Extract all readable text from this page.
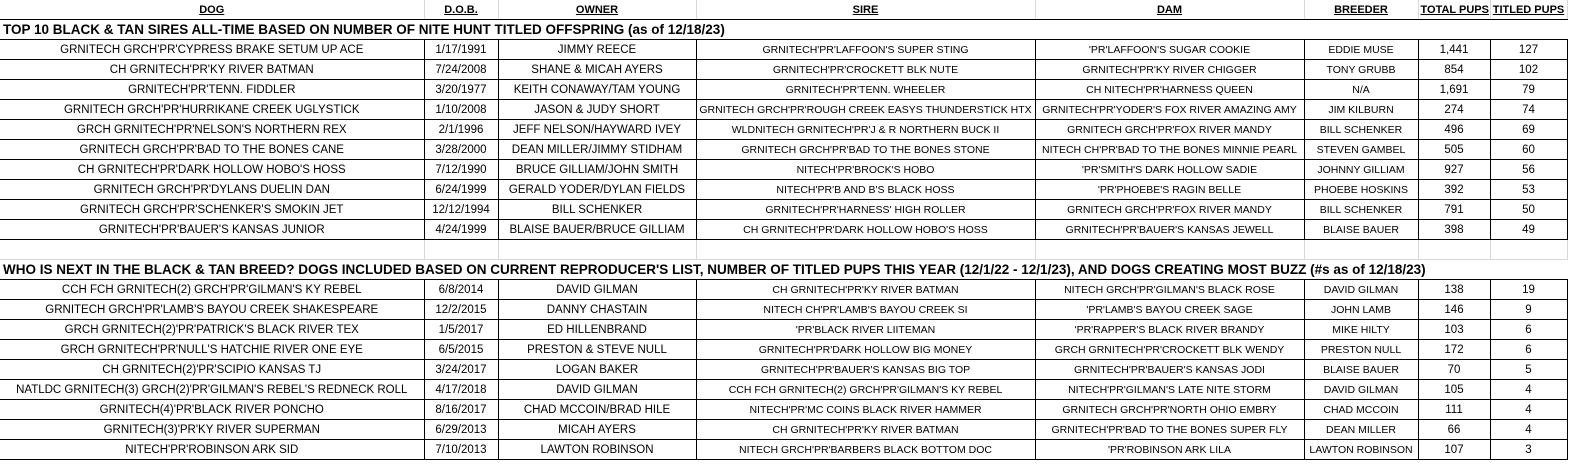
DOG	D.O.B.	OWNER	SIRE	DAM	BREEDER	TOTAL PUPS	TITLED PUPS
TOP 10 BLACK & TAN SIRES ALL-TIME BASED ON NUMBER OF NITE HUNT TITLED OFFSPRING (as of 12/18/23)							
GRNITECH GRCH'PR'CYPRESS BRAKE SETUM UP ACE	1/17/1991	JIMMY REECE	GRNITECH'PR'LAFFOON'S SUPER STING	'PR'LAFFOON'S SUGAR COOKIE	EDDIE MUSE	1,441	127
CH GRNITECH'PR'KY RIVER BATMAN	7/24/2008	SHANE & MICAH AYERS	GRNITECH'PR'CROCKETT BLK NUTE	GRNITECH'PR'KY RIVER CHIGGER	TONY GRUBB	854	102
GRNITECH'PR'TENN. FIDDLER	3/20/1977	KEITH CONAWAY/TAM YOUNG	GRNITECH'PR'TENN. WHEELER	CH NITECH'PR'HARNESS QUEEN	N/A	1,691	79
GRNITECH GRCH'PR'HURRIKANE CREEK UGLYSTICK	1/10/2008	JASON & JUDY SHORT	GRNITECH GRCH'PR'ROUGH CREEK EASYS THUNDERSTICK HTX	GRNITECH'PR'YODER'S FOX RIVER AMAZING AMY	JIM KILBURN	274	74
GRCH GRNITECH'PR'NELSON'S NORTHERN REX	2/1/1996	JEFF NELSON/HAYWARD IVEY	WLDNITECH GRNITECH'PR'J & R NORTHERN BUCK II	GRNITECH GRCH'PR'FOX RIVER MANDY	BILL SCHENKER	496	69
GRNITECH GRCH'PR'BAD TO THE BONES CANE	3/28/2000	DEAN MILLER/JIMMY STIDHAM	GRNITECH GRCH'PR'BAD TO THE BONES STONE	NITECH CH'PR'BAD TO THE BONES MINNIE PEARL	STEVEN GAMBEL	505	60
CH GRNITECH'PR'DARK HOLLOW HOBO'S HOSS	7/12/1990	BRUCE GILLIAM/JOHN SMITH	NITECH'PR'BROCK'S HOBO	'PR'SMITH'S DARK HOLLOW SADIE	JOHNNY GILLIAM	927	56
GRNITECH GRCH'PR'DYLANS DUELIN DAN	6/24/1999	GERALD YODER/DYLAN FIELDS	NITECH'PR'B AND B'S BLACK HOSS	'PR'PHOEBE'S RAGIN BELLE	PHOEBE HOSKINS	392	53
GRNITECH GRCH'PR'SCHENKER'S SMOKIN JET	12/12/1994	BILL SCHENKER	GRNITECH'PR'HARNESS' HIGH ROLLER	GRNITECH GRCH'PR'FOX RIVER MANDY	BILL SCHENKER	791	50
GRNITECH'PR'BAUER'S KANSAS JUNIOR	4/24/1999	BLAISE BAUER/BRUCE GILLIAM	CH GRNITECH'PR'DARK HOLLOW HOBO'S HOSS	GRNITECH'PR'BAUER'S KANSAS JEWELL	BLAISE BAUER	398	49

WHO IS NEXT IN THE BLACK & TAN BREED? DOGS INCLUDED BASED ON CURRENT REPRODUCER'S LIST, NUMBER OF TITLED PUPS THIS YEAR (12/1/22 - 12/1/23), AND DOGS CREATING MOST BUZZ (#s as of 12/18/23)							
CCH FCH GRNITECH(2) GRCH'PR'GILMAN'S KY REBEL	6/8/2014	DAVID GILMAN	CH GRNITECH'PR'KY RIVER BATMAN	NITECH GRCH'PR'GILMAN'S BLACK ROSE	DAVID GILMAN	138	19
GRNITECH GRCH'PR'LAMB'S BAYOU CREEK SHAKESPEARE	12/2/2015	DANNY CHASTAIN	NITECH CH'PR'LAMB'S BAYOU CREEK SI	'PR'LAMB'S BAYOU CREEK SAGE	JOHN LAMB	146	9
GRCH GRNITECH(2)'PR'PATRICK'S BLACK RIVER TEX	1/5/2017	ED HILLENBRAND	'PR'BLACK RIVER LIITEMAN	'PR'RAPPER'S BLACK RIVER BRANDY	MIKE HILTY	103	6
GRCH GRNITECH'PR'NULL'S HATCHIE RIVER ONE EYE	6/5/2015	PRESTON & STEVE NULL	GRNITECH'PR'DARK HOLLOW BIG MONEY	GRCH GRNITECH'PR'CROCKETT BLK WENDY	PRESTON NULL	172	6
CH GRNITECH(2)'PR'SCIPIO KANSAS TJ	3/24/2017	LOGAN BAKER	GRNITECH'PR'BAUER'S KANSAS BIG TOP	GRNITECH'PR'BAUER'S KANSAS JODI	BLAISE BAUER	70	5
NATLDC GRNITECH(3) GRCH(2)'PR'GILMAN'S REBEL'S REDNECK ROLL	4/17/2018	DAVID GILMAN	CCH FCH GRNITECH(2) GRCH'PR'GILMAN'S KY REBEL	NITECH'PR'GILMAN'S LATE NITE STORM	DAVID GILMAN	105	4
GRNITECH(4)'PR'BLACK RIVER PONCHO	8/16/2017	CHAD MCCOIN/BRAD HILE	NITECH'PR'MC COINS BLACK RIVER HAMMER	GRNITECH GRCH'PR'NORTH OHIO EMBRY	CHAD MCCOIN	111	4
GRNITECH(3)'PR'KY RIVER SUPERMAN	6/29/2013	MICAH AYERS	CH GRNITECH'PR'KY RIVER BATMAN	GRNITECH'PR'BAD TO THE BONES SUPER FLY	DEAN MILLER	66	4
NITECH'PR'ROBINSON ARK SID	7/10/2013	LAWTON ROBINSON	NITECH GRCH'PR'BARBERS BLACK BOTTOM DOC	'PR'ROBINSON ARK LILA	LAWTON ROBINSON	107	3
